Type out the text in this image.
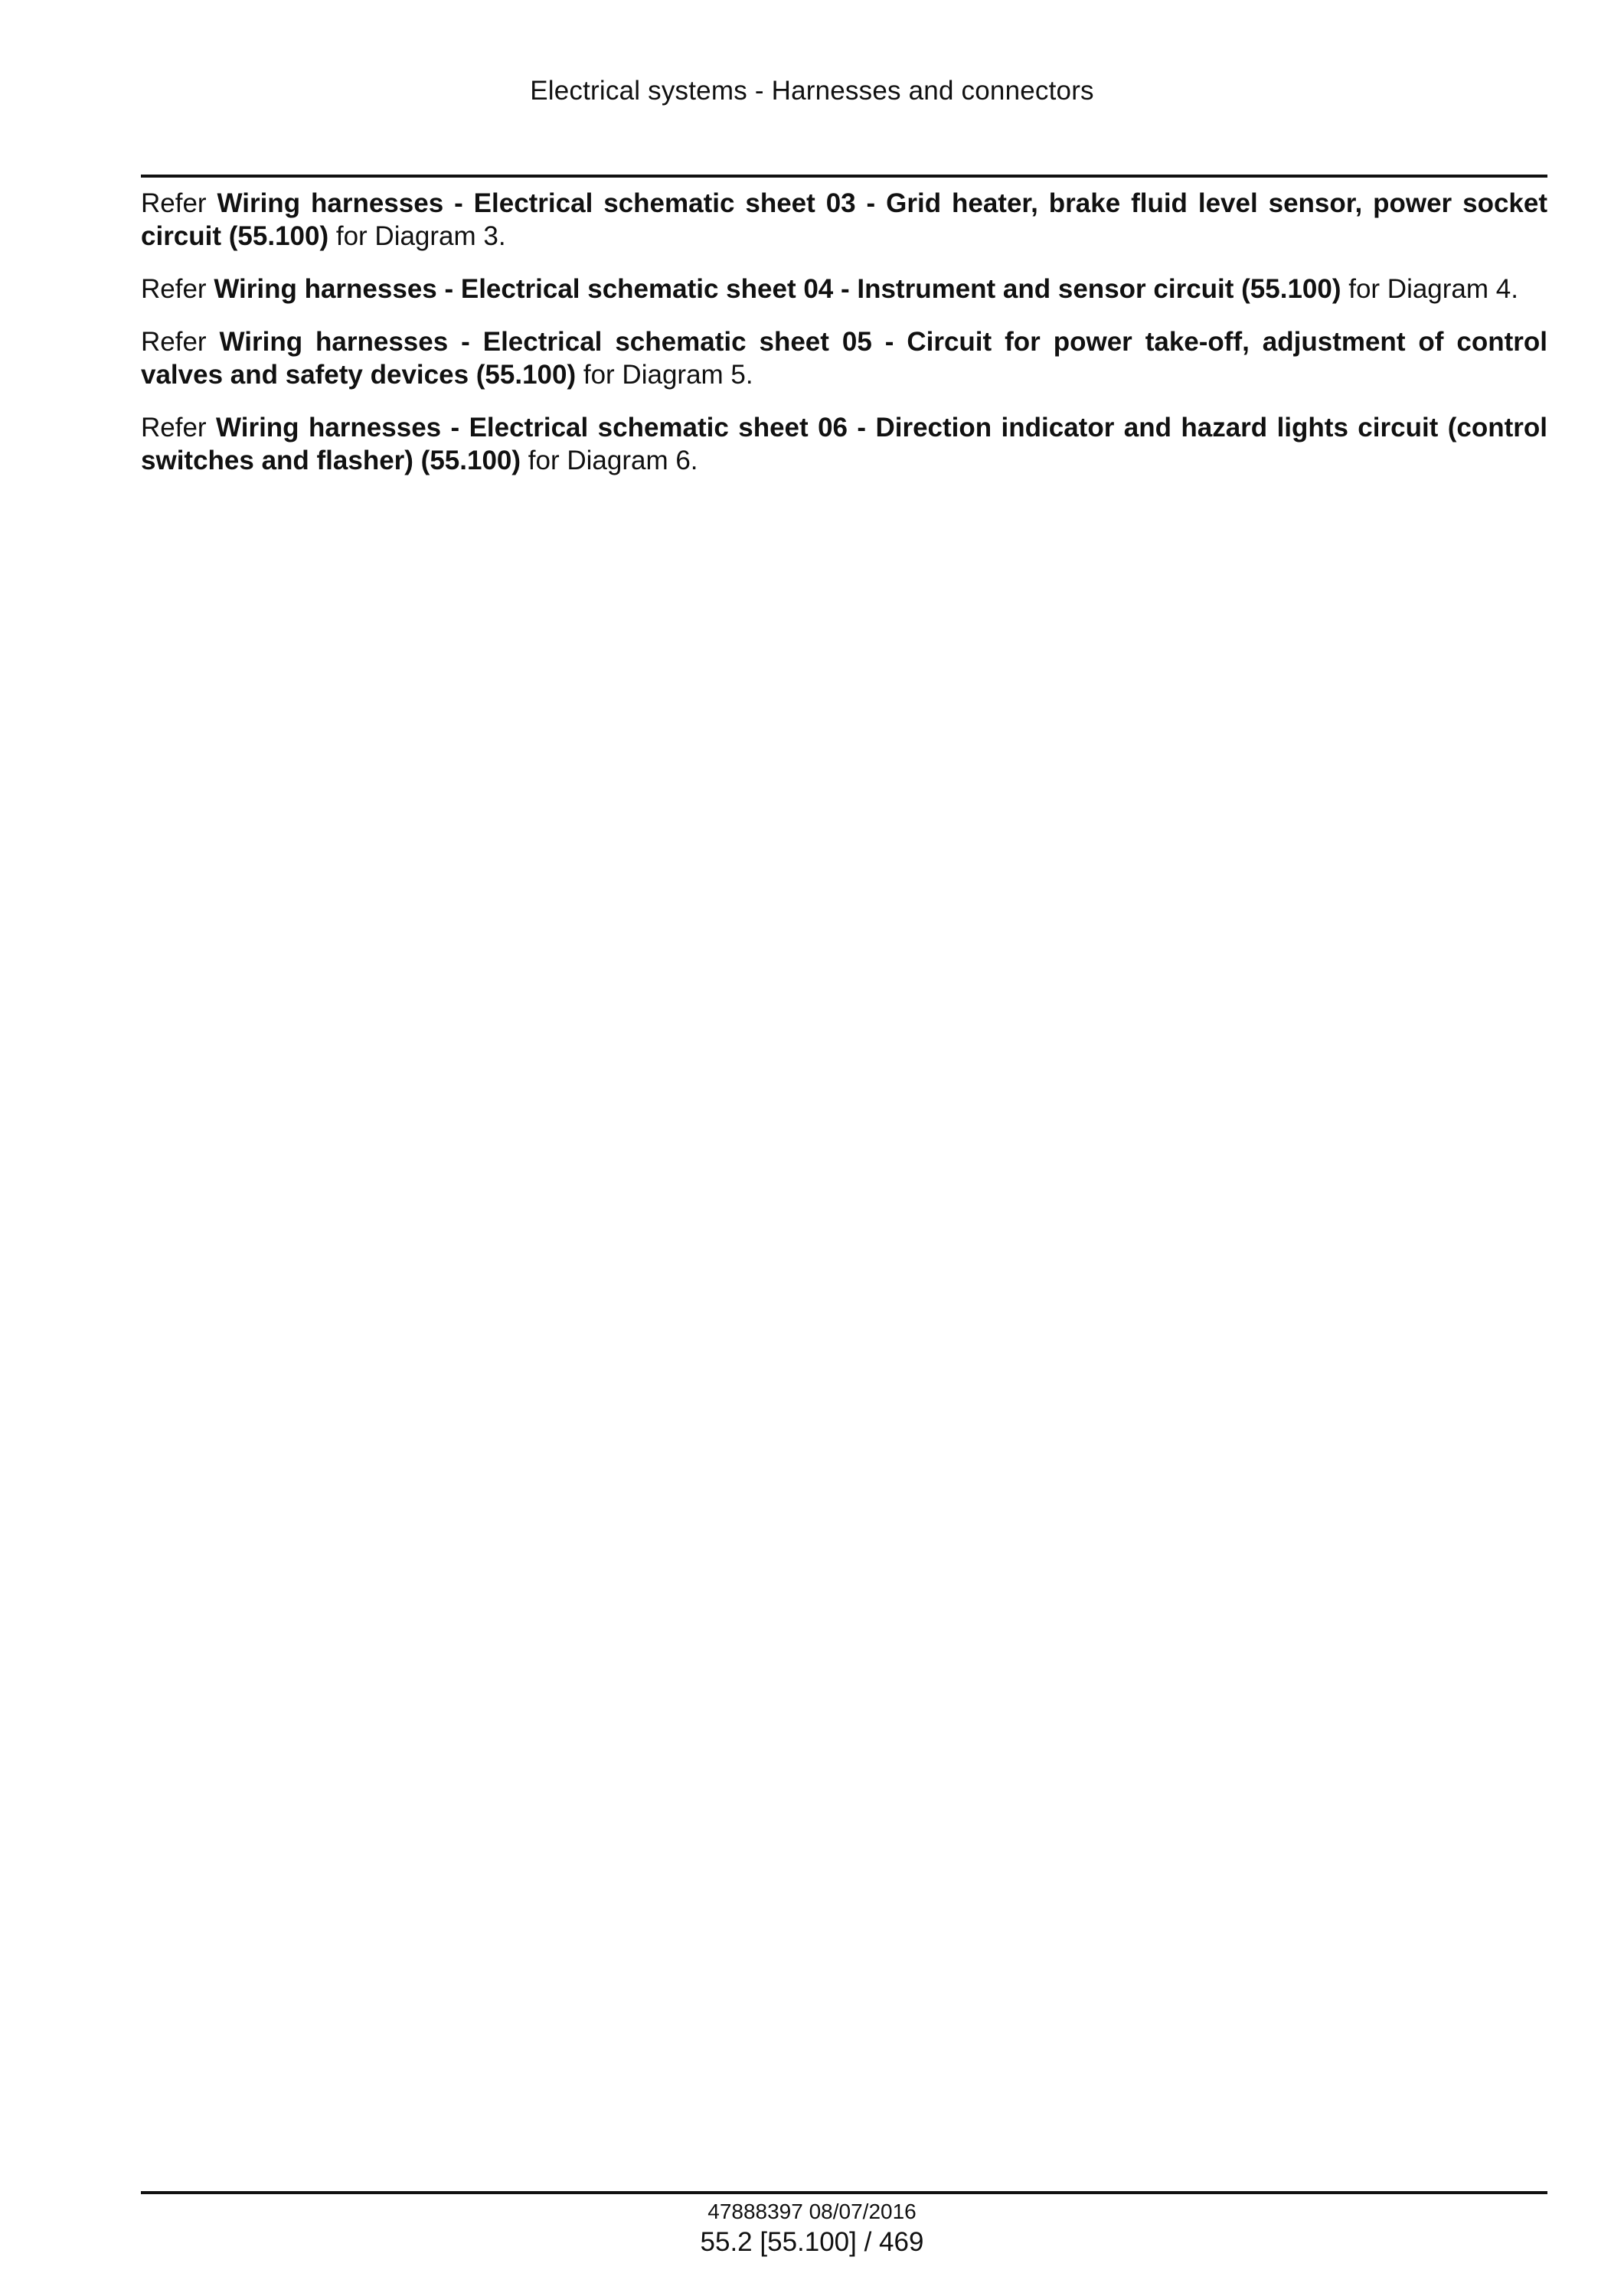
Electrical systems - Harnesses and connectors

Refer Wiring harnesses - Electrical schematic sheet 03 - Grid heater, brake fluid level sensor, power socket circuit (55.100) for Diagram 3.

Refer Wiring harnesses - Electrical schematic sheet 04 - Instrument and sensor circuit (55.100) for Diagram 4.

Refer Wiring harnesses - Electrical schematic sheet 05 - Circuit for power take-off, adjustment of control valves and safety devices (55.100) for Diagram 5.

Refer Wiring harnesses - Electrical schematic sheet 06 - Direction indicator and hazard lights circuit (control switches and flasher) (55.100) for Diagram 6.

47888397 08/07/2016
55.2 [55.100] / 469
